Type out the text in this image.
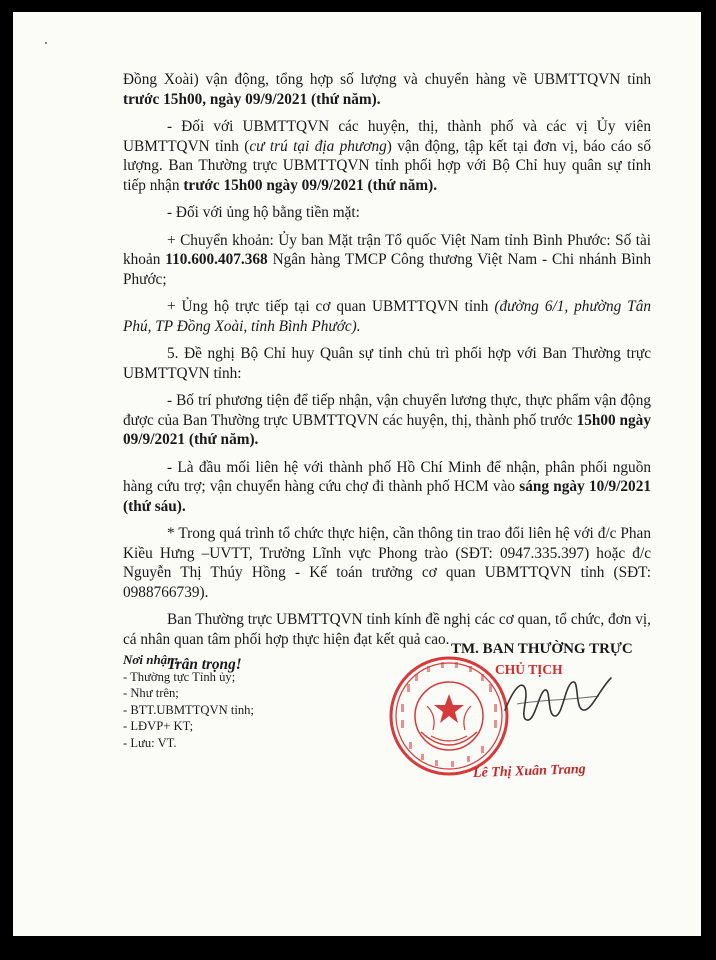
Đồng Xoài) vận động, tổng hợp số lượng và chuyển hàng về UBMTTQVN tỉnh trước 15h00, ngày 09/9/2021 (thứ năm).

- Đối với UBMTTQVN các huyện, thị, thành phố và các vị Ủy viên UBMTTQVN tỉnh (cư trú tại địa phương) vận động, tập kết tại đơn vị, báo cáo số lượng. Ban Thường trực UBMTTQVN tỉnh phối hợp với Bộ Chỉ huy quân sự tỉnh tiếp nhận trước 15h00 ngày 09/9/2021 (thứ năm).

- Đối với ủng hộ bằng tiền mặt:

+ Chuyển khoản: Ủy ban Mặt trận Tổ quốc Việt Nam tỉnh Bình Phước: Số tài khoản 110.600.407.368 Ngân hàng TMCP Công thương Việt Nam - Chi nhánh Bình Phước;

+ Ủng hộ trực tiếp tại cơ quan UBMTTQVN tỉnh (đường 6/1, phường Tân Phú, TP Đồng Xoài, tỉnh Bình Phước).

5. Đề nghị Bộ Chỉ huy Quân sự tỉnh chủ trì phối hợp với Ban Thường trực UBMTTQVN tỉnh:

- Bố trí phương tiện để tiếp nhận, vận chuyển lương thực, thực phẩm vận động được của Ban Thường trực UBMTTQVN các huyện, thị, thành phố trước 15h00 ngày 09/9/2021 (thứ năm).

- Là đầu mối liên hệ với thành phố Hồ Chí Minh để nhận, phân phối nguồn hàng cứu trợ; vận chuyển hàng cứu chợ đi thành phố HCM vào sáng ngày 10/9/2021 (thứ sáu).

* Trong quá trình tổ chức thực hiện, cần thông tin trao đổi liên hệ với đ/c Phan Kiều Hưng –UVTT, Trưởng Lĩnh vực Phong trào (SĐT: 0947.335.397) hoặc đ/c Nguyễn Thị Thúy Hồng - Kế toán trưởng cơ quan UBMTTQVN tỉnh (SĐT: 0988766739).

Ban Thường trực UBMTTQVN tỉnh kính đề nghị các cơ quan, tổ chức, đơn vị, cá nhân quan tâm phối hợp thực hiện đạt kết quả cao.

Trân trọng!

Nơi nhận:
- Thường tực Tỉnh ủy;
- Như trên;
- BTT.UBMTTQVN tỉnh;
- LĐVP+ KT;
- Lưu: VT.
TM. BAN THƯỜNG TRỰC
CHỦ TỊCH
Lê Thị Xuân Trang
